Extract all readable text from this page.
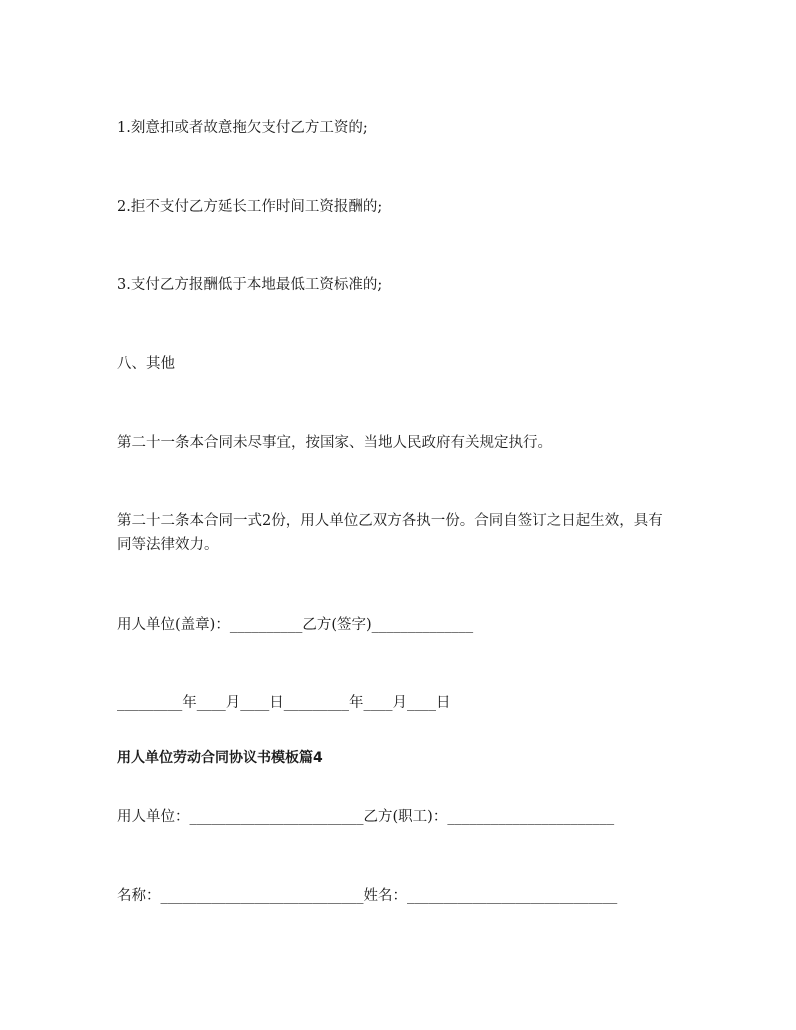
1.刻意扣或者故意拖欠支付乙方工资的;
2.拒不支付乙方延长工作时间工资报酬的;
3.支付乙方报酬低于本地最低工资标准的;
八、其他
第二十一条本合同未尽事宜，按国家、当地人民政府有关规定执行。
第二十二条本合同一式2份，用人单位乙双方各执一份。合同自签订之日起生效，具有同等法律效力。
用人单位(盖章)：__________乙方(签字)______________
_________年____月____日_________年____月____日
用人单位劳动合同协议书模板篇4
用人单位：________________________乙方(职工)：_______________________
名称：____________________________姓名：_____________________________
